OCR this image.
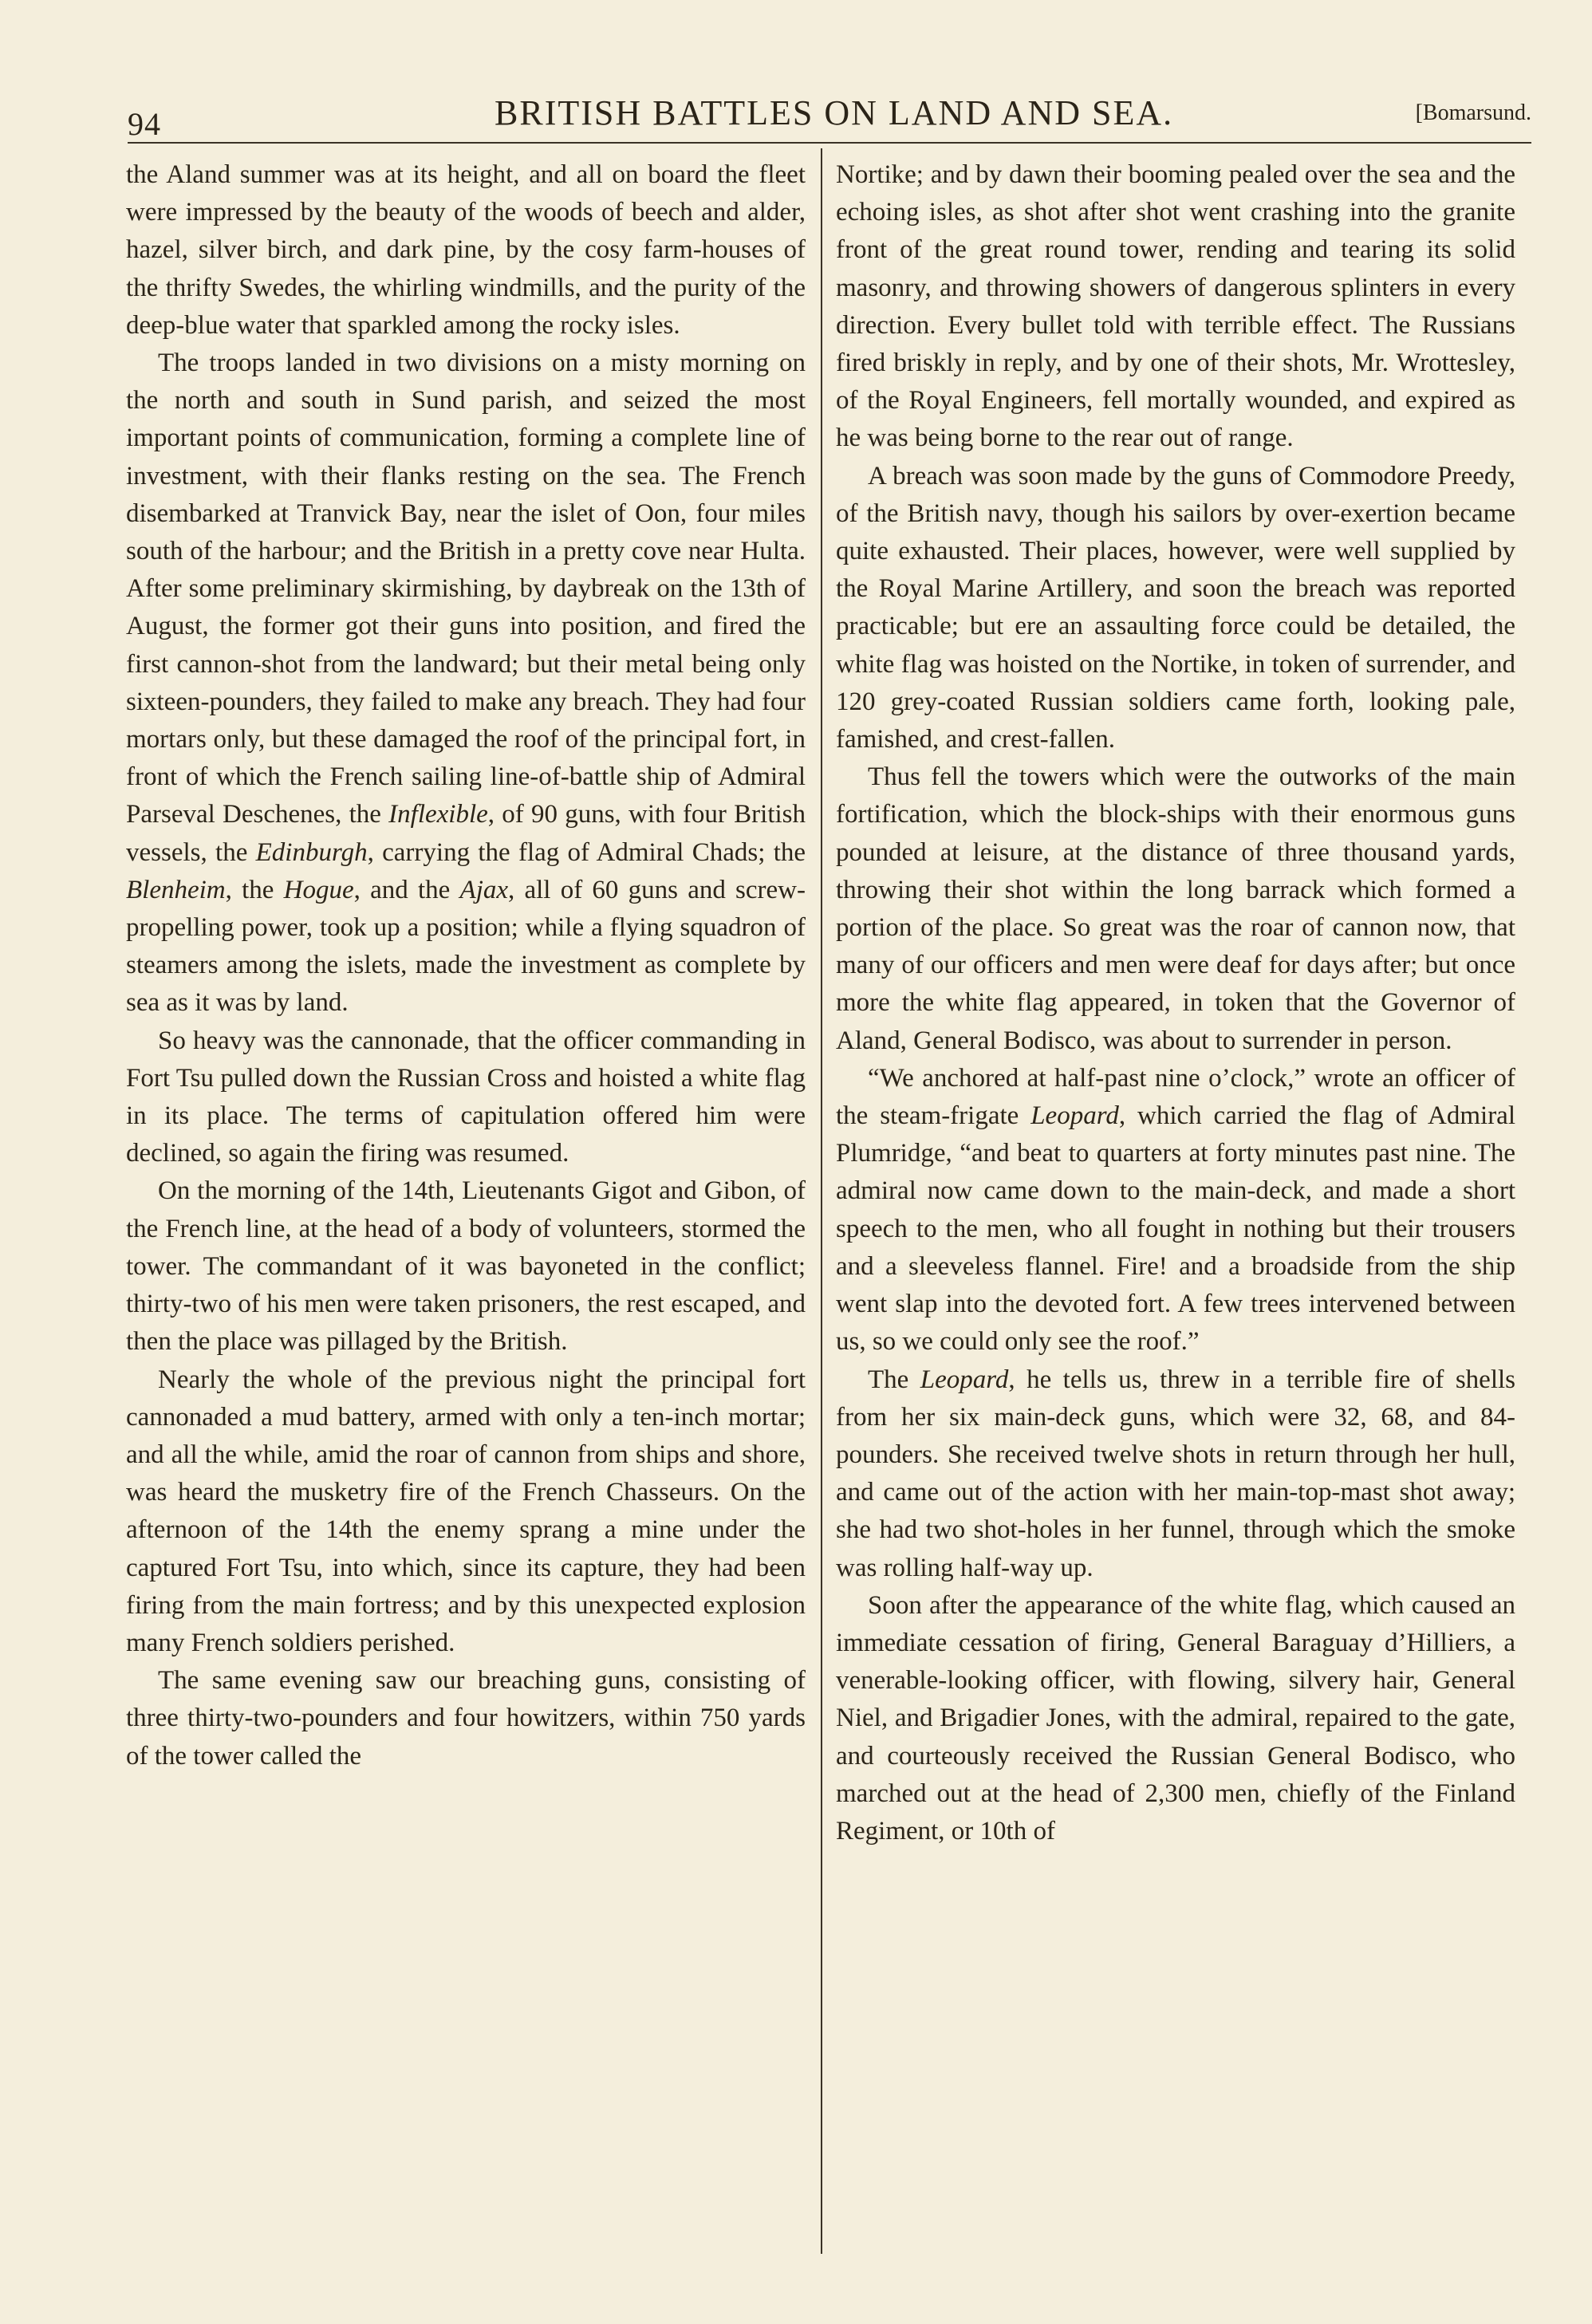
94	BRITISH BATTLES ON LAND AND SEA.	[Bomarsund.

the Aland summer was at its height, and all on board the fleet were impressed by the beauty of the woods of beech and alder, hazel, silver birch, and dark pine, by the cosy farm-houses of the thrifty Swedes, the whirling windmills, and the purity of the deep-blue water that sparkled among the rocky isles.

The troops landed in two divisions on a misty morning on the north and south in Sund parish, and seized the most important points of communication, forming a complete line of investment, with their flanks resting on the sea. The French disembarked at Tranvick Bay, near the islet of Oon, four miles south of the harbour; and the British in a pretty cove near Hulta. After some preliminary skirmishing, by daybreak on the 13th of August, the former got their guns into position, and fired the first cannon-shot from the landward; but their metal being only sixteen-pounders, they failed to make any breach. They had four mortars only, but these damaged the roof of the principal fort, in front of which the French sailing line-of-battle ship of Admiral Parseval Deschenes, the Inflexible, of 90 guns, with four British vessels, the Edinburgh, carrying the flag of Admiral Chads; the Blenheim, the Hogue, and the Ajax, all of 60 guns and screw-propelling power, took up a position; while a flying squadron of steamers among the islets, made the investment as complete by sea as it was by land.

So heavy was the cannonade, that the officer commanding in Fort Tsu pulled down the Russian Cross and hoisted a white flag in its place. The terms of capitulation offered him were declined, so again the firing was resumed.

On the morning of the 14th, Lieutenants Gigot and Gibon, of the French line, at the head of a body of volunteers, stormed the tower. The commandant of it was bayoneted in the conflict; thirty-two of his men were taken prisoners, the rest escaped, and then the place was pillaged by the British.

Nearly the whole of the previous night the principal fort cannonaded a mud battery, armed with only a ten-inch mortar; and all the while, amid the roar of cannon from ships and shore, was heard the musketry fire of the French Chasseurs. On the afternoon of the 14th the enemy sprang a mine under the captured Fort Tsu, into which, since its capture, they had been firing from the main fortress; and by this unexpected explosion many French soldiers perished.

The same evening saw our breaching guns, consisting of three thirty-two-pounders and four howitzers, within 750 yards of the tower called the

Nortike; and by dawn their booming pealed over the sea and the echoing isles, as shot after shot went crashing into the granite front of the great round tower, rending and tearing its solid masonry, and throwing showers of dangerous splinters in every direction. Every bullet told with terrible effect. The Russians fired briskly in reply, and by one of their shots, Mr. Wrottesley, of the Royal Engineers, fell mortally wounded, and expired as he was being borne to the rear out of range.

A breach was soon made by the guns of Commodore Preedy, of the British navy, though his sailors by over-exertion became quite exhausted. Their places, however, were well supplied by the Royal Marine Artillery, and soon the breach was reported practicable; but ere an assaulting force could be detailed, the white flag was hoisted on the Nortike, in token of surrender, and 120 grey-coated Russian soldiers came forth, looking pale, famished, and crest-fallen.

Thus fell the towers which were the outworks of the main fortification, which the block-ships with their enormous guns pounded at leisure, at the distance of three thousand yards, throwing their shot within the long barrack which formed a portion of the place. So great was the roar of cannon now, that many of our officers and men were deaf for days after; but once more the white flag appeared, in token that the Governor of Aland, General Bodisco, was about to surrender in person.

“We anchored at half-past nine o’clock,” wrote an officer of the steam-frigate Leopard, which carried the flag of Admiral Plumridge, “and beat to quarters at forty minutes past nine. The admiral now came down to the main-deck, and made a short speech to the men, who all fought in nothing but their trousers and a sleeveless flannel. Fire! and a broadside from the ship went slap into the devoted fort. A few trees intervened between us, so we could only see the roof.”

The Leopard, he tells us, threw in a terrible fire of shells from her six main-deck guns, which were 32, 68, and 84-pounders. She received twelve shots in return through her hull, and came out of the action with her main-top-mast shot away; she had two shot-holes in her funnel, through which the smoke was rolling half-way up.

Soon after the appearance of the white flag, which caused an immediate cessation of firing, General Baraguay d’Hilliers, a venerable-looking officer, with flowing, silvery hair, General Niel, and Brigadier Jones, with the admiral, repaired to the gate, and courteously received the Russian General Bodisco, who marched out at the head of 2,300 men, chiefly of the Finland Regiment, or 10th of
